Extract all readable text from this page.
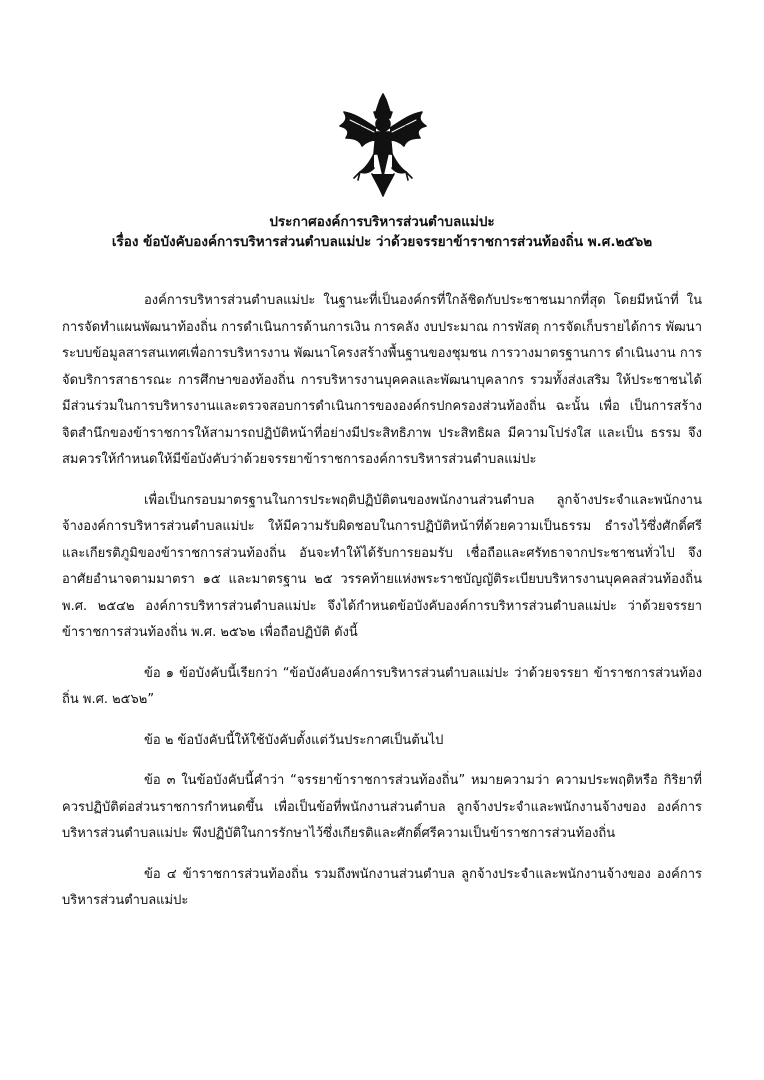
ประกาศองค์การบริหารส่วนตำบลแม่ปะ
เรื่อง ข้อบังคับองค์การบริหารส่วนตำบลแม่ปะ ว่าด้วยจรรยาข้าราชการส่วนท้องถิ่น พ.ศ.๒๕๖๒

องค์การบริหารส่วนตำบลแม่ปะ ในฐานะที่เป็นองค์กรที่ใกล้ชิดกับประชาชนมากที่สุด โดยมีหน้าที่ ในการจัดทำแผนพัฒนาท้องถิ่น การดำเนินการด้านการเงิน การคลัง งบประมาณ การพัสดุ การจัดเก็บรายได้การ พัฒนาระบบข้อมูลสารสนเทศเพื่อการบริหารงาน พัฒนาโครงสร้างพื้นฐานของชุมชน การวางมาตรฐานการ ดำเนินงาน การจัดบริการสาธารณะ การศึกษาของท้องถิ่น การบริหารงานบุคคลและพัฒนาบุคลากร รวมทั้งส่งเสริม ให้ประชาชนได้มีส่วนร่วมในการบริหารงานและตรวจสอบการดำเนินการขององค์กรปกครองส่วนท้องถิ่น ฉะนั้น เพื่อ เป็นการสร้างจิตสำนึกของข้าราชการให้สามารถปฏิบัติหน้าที่อย่างมีประสิทธิภาพ ประสิทธิผล มีความโปร่งใส และเป็น ธรรม จึงสมควรให้กำหนดให้มีข้อบังคับว่าด้วยจรรยาข้าราชการองค์การบริหารส่วนตำบลแม่ปะ

เพื่อเป็นกรอบมาตรฐานในการประพฤติปฏิบัติตนของพนักงานส่วนตำบล ลูกจ้างประจำและพนักงานจ้างองค์การบริหารส่วนตำบลแม่ปะ ให้มีความรับผิดชอบในการปฏิบัติหน้าที่ด้วยความเป็นธรรม ธำรงไว้ซึ่งศักดิ์ศรี และเกียรติภูมิของข้าราชการส่วนท้องถิ่น อันจะทำให้ได้รับการยอมรับ เชื่อถือและศรัทธาจากประชาชนทั่วไป จึง อาศัยอำนาจตามมาตรา ๑๕ และมาตรฐาน ๒๕ วรรคท้ายแห่งพระราชบัญญัติระเบียบบริหารงานบุคคลส่วนท้องถิ่น พ.ศ. ๒๕๔๒ องค์การบริหารส่วนตำบลแม่ปะ จึงได้กำหนดข้อบังคับองค์การบริหารส่วนตำบลแม่ปะ ว่าด้วยจรรยาข้าราชการส่วนท้องถิ่น พ.ศ. ๒๕๖๒ เพื่อถือปฏิบัติ ดังนี้

ข้อ ๑ ข้อบังคับนี้เรียกว่า “ข้อบังคับองค์การบริหารส่วนตำบลแม่ปะ ว่าด้วยจรรยา ข้าราชการส่วนท้องถิ่น พ.ศ. ๒๕๖๒”

ข้อ ๒ ข้อบังคับนี้ให้ใช้บังคับตั้งแต่วันประกาศเป็นต้นไป

ข้อ ๓ ในข้อบังคับนี้คำว่า “จรรยาข้าราชการส่วนท้องถิ่น” หมายความว่า ความประพฤติหรือ กิริยาที่ควรปฏิบัติต่อส่วนราชการกำหนดขึ้น เพื่อเป็นข้อที่พนักงานส่วนตำบล ลูกจ้างประจำและพนักงานจ้างของ องค์การบริหารส่วนตำบลแม่ปะ พึงปฏิบัติในการรักษาไว้ซึ่งเกียรติและศักดิ์ศรีความเป็นข้าราชการส่วนท้องถิ่น

ข้อ ๔ ข้าราชการส่วนท้องถิ่น รวมถึงพนักงานส่วนตำบล ลูกจ้างประจำและพนักงานจ้างของ องค์การบริหารส่วนตำบลแม่ปะ
